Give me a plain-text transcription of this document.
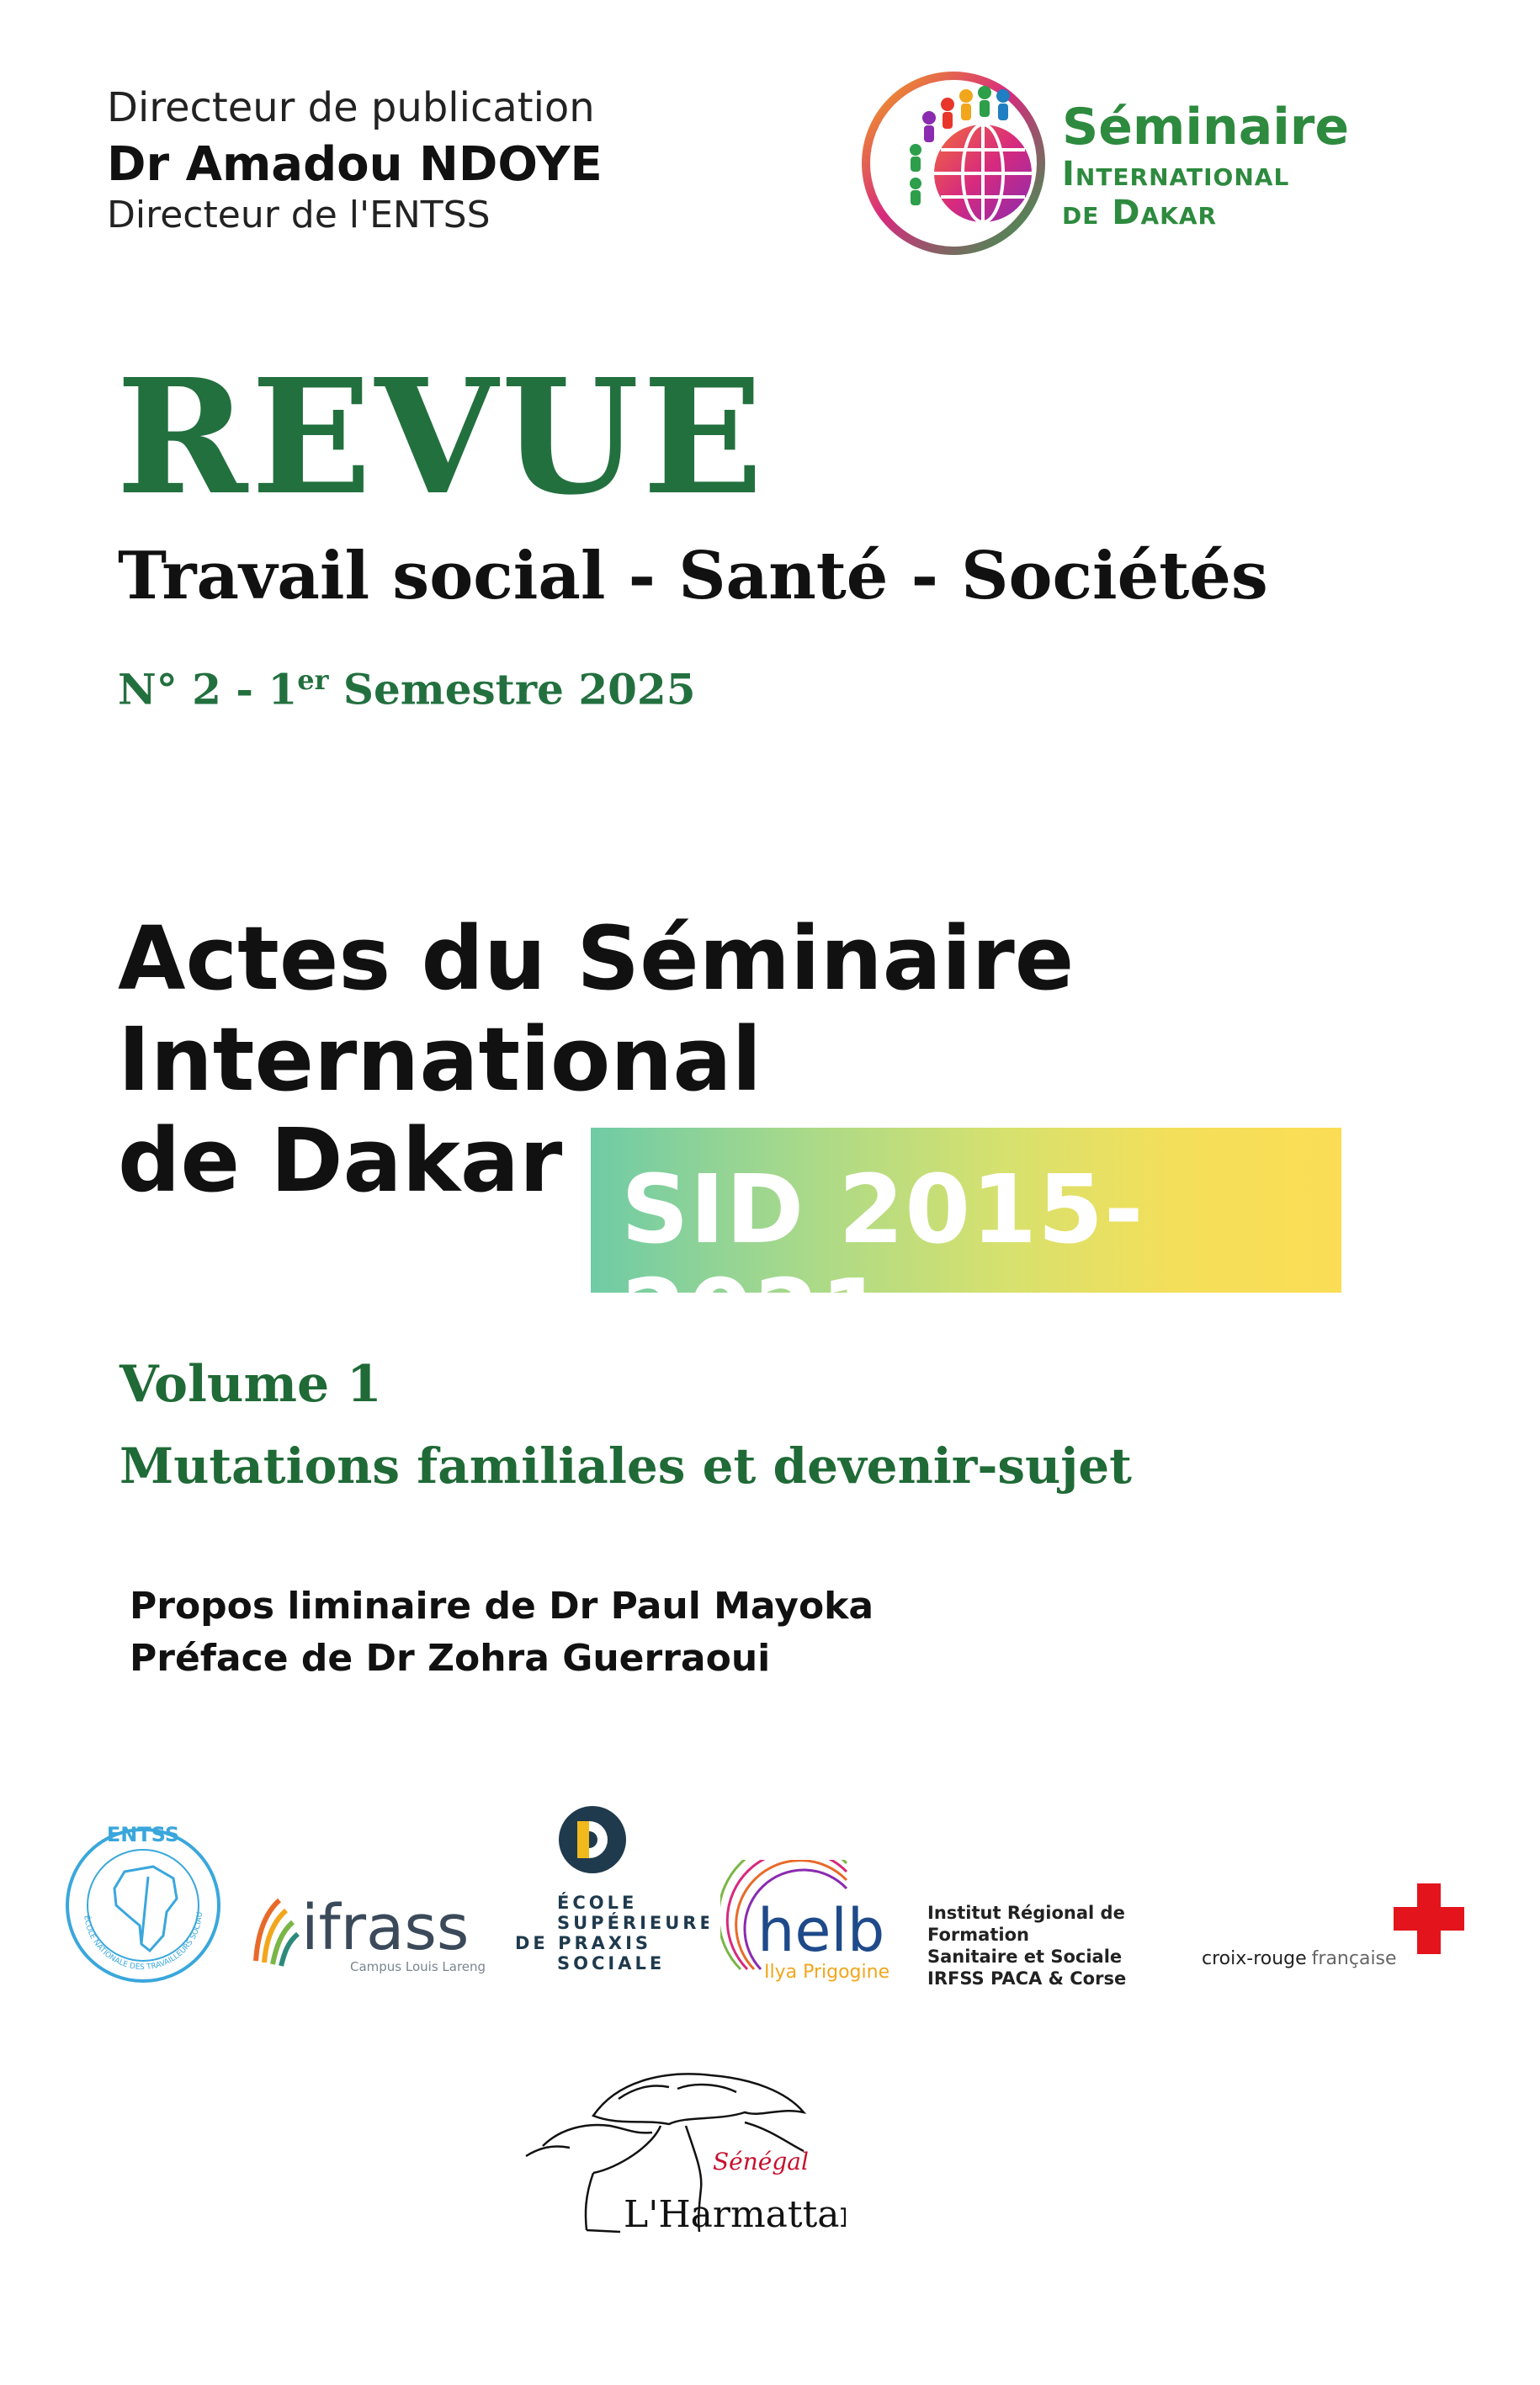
Directeur de publication
Dr Amadou NDOYE
Directeur de l'ENTSS
Séminaire
International
de Dakar
REVUE
Travail social - Santé - Sociétés
N° 2 - 1er Semestre 2025
Actes du Séminaire
International
SID 2015-2021
de Dakar
Volume 1
Mutations familiales et devenir-sujet
Propos liminaire de Dr Paul Mayoka
Préface de Dr Zohra Guerraoui
ENTSS
ÉCOLE NATIONALE DES TRAVAILLEURS SOCIAU ifrass
Campus Louis Lareng
ÉCOLE
SUPÉRIEURE
DE PRAXIS
SOCIALE helb
Ilya Prigogine
Institut Régional de Formation
Sanitaire et Sociale
IRFSS PACA & Corse
croix-rouge française
Sénégal
L'Harmattan
